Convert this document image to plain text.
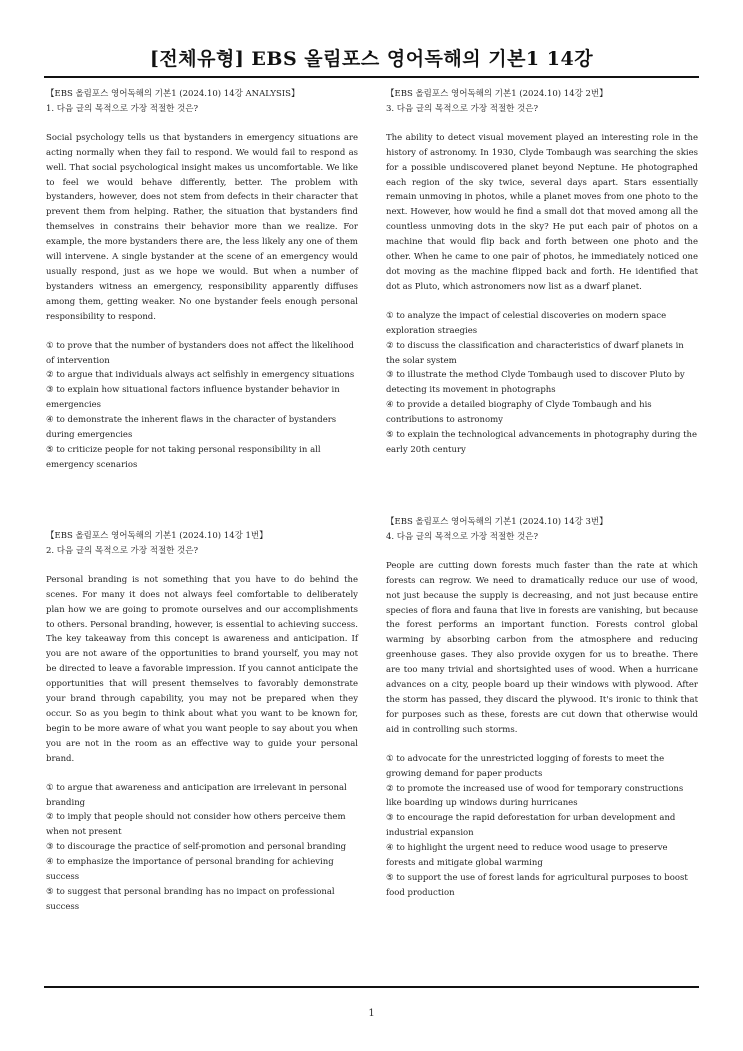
[전체유형] EBS 올림포스 영어독해의 기본1 14강

【EBS 올림포스 영어독해의 기본1 (2024.10) 14강 ANALYSIS】

1. 다음 글의 목적으로 가장 적절한 것은?

Social psychology tells us that bystanders in emergency situations are acting normally when they fail to respond. We would fail to respond as well. That social psychological insight makes us uncomfortable. We like to feel we would behave differently, better. The problem with bystanders, however, does not stem from defects in their character that prevent them from helping. Rather, the situation that bystanders find themselves in constrains their behavior more than we realize. For example, the more bystanders there are, the less likely any one of them will intervene. A single bystander at the scene of an emergency would usually respond, just as we hope we would. But when a number of bystanders witness an emergency, responsibility apparently diffuses among them, getting weaker. No one bystander feels enough personal responsibility to respond.

① to prove that the number of bystanders does not affect the likelihood of intervention
② to argue that individuals always act selfishly in emergency situations
③ to explain how situational factors influence bystander behavior in emergencies
④ to demonstrate the inherent flaws in the character of bystanders during emergencies
⑤ to criticize people for not taking personal responsibility in all emergency scenarios

【EBS 올림포스 영어독해의 기본1 (2024.10) 14강 2번】

3. 다음 글의 목적으로 가장 적절한 것은?

The ability to detect visual movement played an interesting role in the history of astronomy. In 1930, Clyde Tombaugh was searching the skies for a possible undiscovered planet beyond Neptune. He photographed each region of the sky twice, several days apart. Stars essentially remain unmoving in photos, while a planet moves from one photo to the next. However, how would he find a small dot that moved among all the countless unmoving dots in the sky? He put each pair of photos on a machine that would flip back and forth between one photo and the other. When he came to one pair of photos, he immediately noticed one dot moving as the machine flipped back and forth. He identified that dot as Pluto, which astronomers now list as a dwarf planet.

① to analyze the impact of celestial discoveries on modern space exploration straegies
② to discuss the classification and characteristics of dwarf planets in the solar system
③ to illustrate the method Clyde Tombaugh used to discover Pluto by detecting its movement in photographs
④ to provide a detailed biography of Clyde Tombaugh and his contributions to astronomy
⑤ to explain the technological advancements in photography during the early 20th century

【EBS 올림포스 영어독해의 기본1 (2024.10) 14강 1번】

2. 다음 글의 목적으로 가장 적절한 것은?

Personal branding is not something that you have to do behind the scenes. For many it does not always feel comfortable to deliberately plan how we are going to promote ourselves and our accomplishments to others. Personal branding, however, is essential to achieving success. The key takeaway from this concept is awareness and anticipation. If you are not aware of the opportunities to brand yourself, you may not be directed to leave a favorable impression. If you cannot anticipate the opportunities that will present themselves to favorably demonstrate your brand through capability, you may not be prepared when they occur. So as you begin to think about what you want to be known for, begin to be more aware of what you want people to say about you when you are not in the room as an effective way to guide your personal brand.

① to argue that awareness and anticipation are irrelevant in personal branding
② to imply that people should not consider how others perceive them when not present
③ to discourage the practice of self-promotion and personal branding
④ to emphasize the importance of personal branding for achieving success
⑤ to suggest that personal branding has no impact on professional success

【EBS 올림포스 영어독해의 기본1 (2024.10) 14강 3번】

4. 다음 글의 목적으로 가장 적절한 것은?

People are cutting down forests much faster than the rate at which forests can regrow. We need to dramatically reduce our use of wood, not just because the supply is decreasing, and not just because entire species of flora and fauna that live in forests are vanishing, but because the forest performs an important function. Forests control global warming by absorbing carbon from the atmosphere and reducing greenhouse gases. They also provide oxygen for us to breathe. There are too many trivial and shortsighted uses of wood. When a hurricane advances on a city, people board up their windows with plywood. After the storm has passed, they discard the plywood. It's ironic to think that for purposes such as these, forests are cut down that otherwise would aid in controlling such storms.

① to advocate for the unrestricted logging of forests to meet the growing demand for paper products
② to promote the increased use of wood for temporary constructions like boarding up windows during hurricanes
③ to encourage the rapid deforestation for urban development and industrial expansion
④ to highlight the urgent need to reduce wood usage to preserve forests and mitigate global warming
⑤ to support the use of forest lands for agricultural purposes to boost food production
1
